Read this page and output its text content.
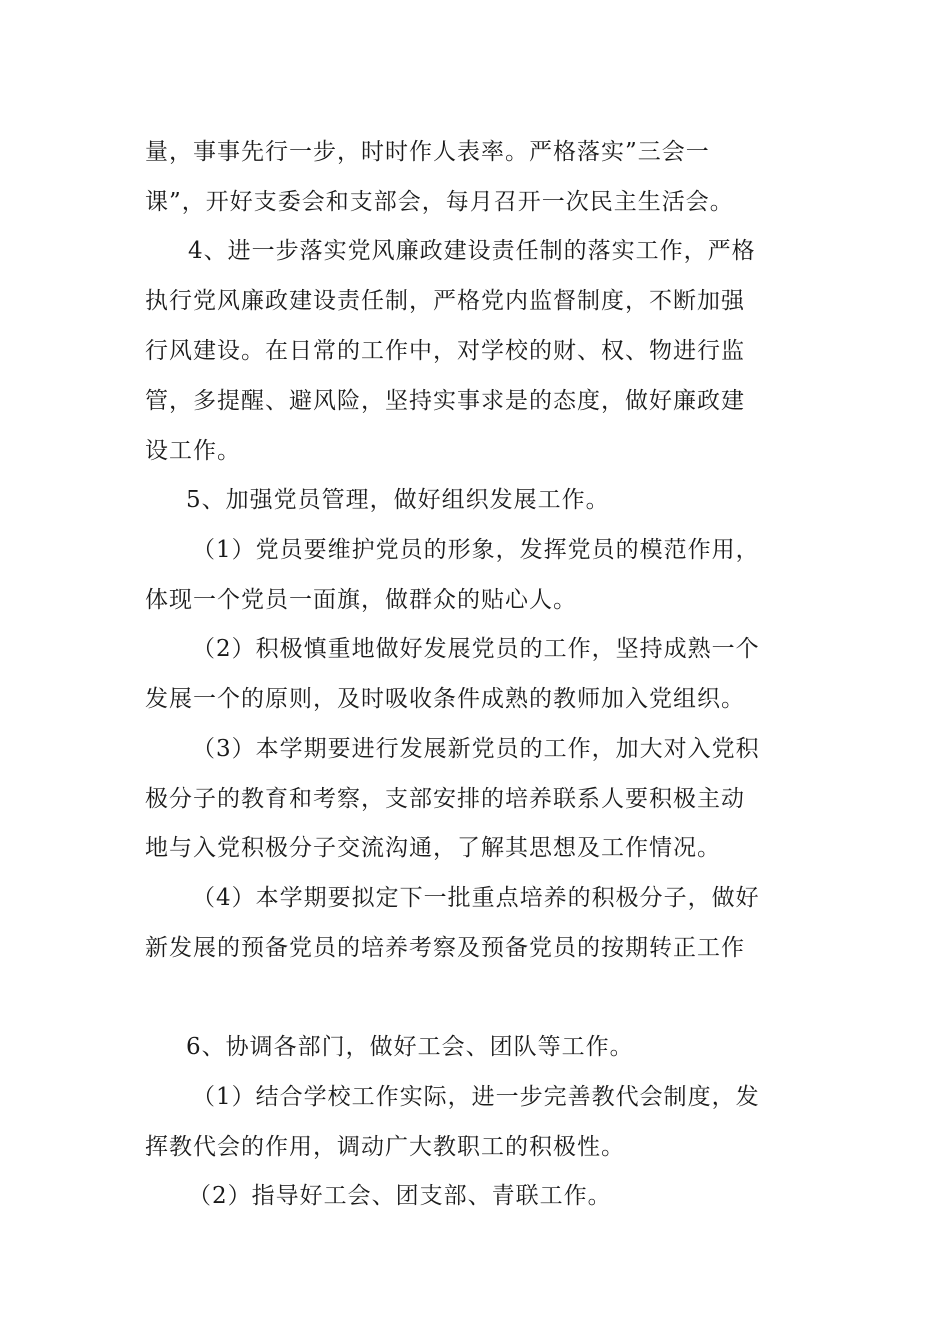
量，事事先行一步，时时作人表率。严格落实”三会一
课”，开好支委会和支部会，每月召开一次民主生活会。
4、进一步落实党风廉政建设责任制的落实工作，严格
执行党风廉政建设责任制，严格党内监督制度，不断加强
行风建设。在日常的工作中，对学校的财、权、物进行监
管，多提醒、避风险，坚持实事求是的态度，做好廉政建
设工作。
5、加强党员管理，做好组织发展工作。
（1）党员要维护党员的形象，发挥党员的模范作用，
体现一个党员一面旗，做群众的贴心人。
（2）积极慎重地做好发展党员的工作，坚持成熟一个
发展一个的原则，及时吸收条件成熟的教师加入党组织。
（3）本学期要进行发展新党员的工作，加大对入党积
极分子的教育和考察，支部安排的培养联系人要积极主动
地与入党积极分子交流沟通，了解其思想及工作情况。
（4）本学期要拟定下一批重点培养的积极分子，做好
新发展的预备党员的培养考察及预备党员的按期转正工作
6、协调各部门，做好工会、团队等工作。
（1）结合学校工作实际，进一步完善教代会制度，发
挥教代会的作用，调动广大教职工的积极性。
（2）指导好工会、团支部、青联工作。
